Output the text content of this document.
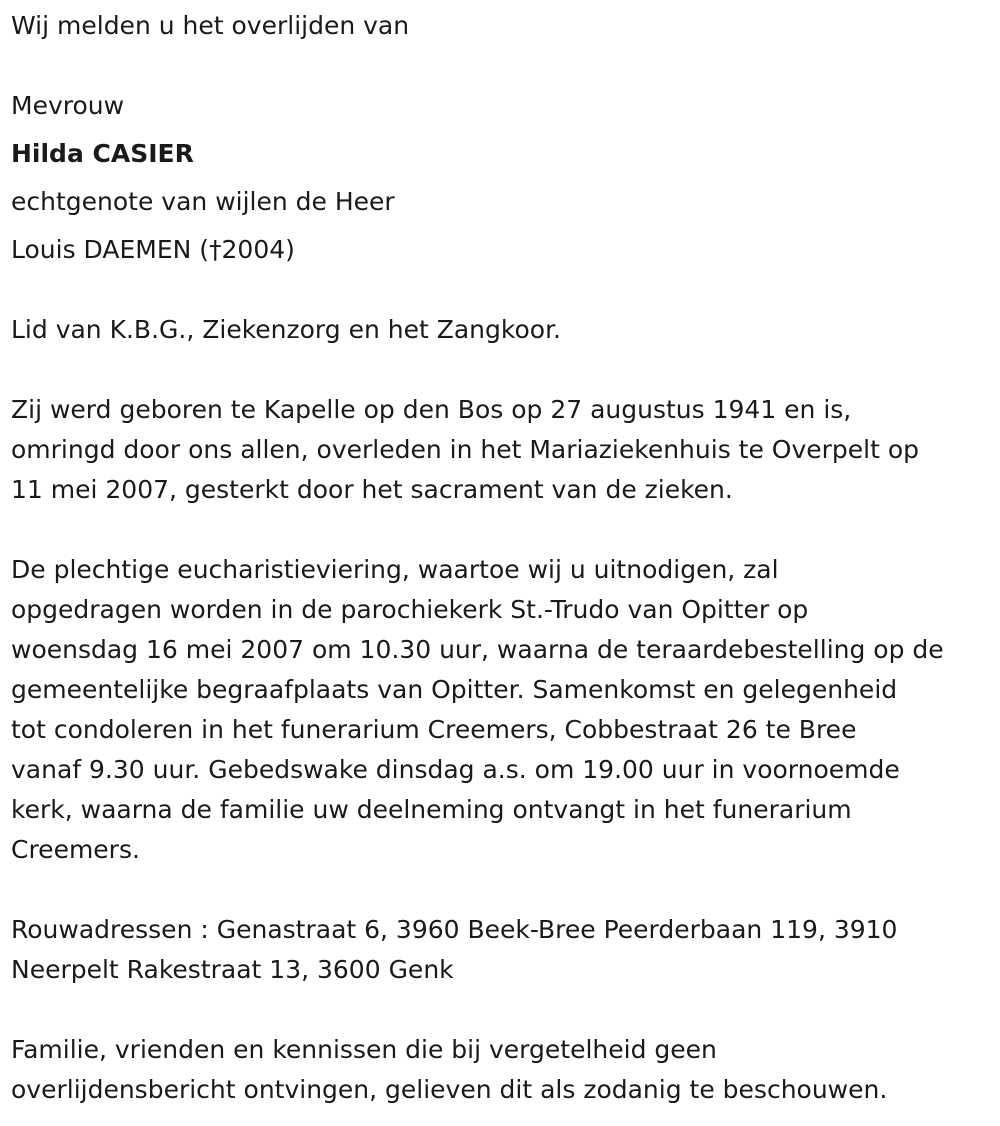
Wij melden u het overlijden van
Mevrouw
Hilda CASIER
echtgenote van wijlen de Heer
Louis DAEMEN (†2004)
Lid van K.B.G., Ziekenzorg en het Zangkoor.
Zij werd geboren te Kapelle op den Bos op 27 augustus 1941 en is,
omringd door ons allen, overleden in het Mariaziekenhuis te Overpelt op
11 mei 2007, gesterkt door het sacrament van de zieken.
De plechtige eucharistieviering, waartoe wij u uitnodigen, zal
opgedragen worden in de parochiekerk St.-Trudo van Opitter op
woensdag 16 mei 2007 om 10.30 uur, waarna de teraardebestelling op de
gemeentelijke begraafplaats van Opitter. Samenkomst en gelegenheid
tot condoleren in het funerarium Creemers, Cobbestraat 26 te Bree
vanaf 9.30 uur. Gebedswake dinsdag a.s. om 19.00 uur in voornoemde
kerk, waarna de familie uw deelneming ontvangt in het funerarium
Creemers.
Rouwadressen : Genastraat 6, 3960 Beek-Bree Peerderbaan 119, 3910
Neerpelt Rakestraat 13, 3600 Genk
Familie, vrienden en kennissen die bij vergetelheid geen
overlijdensbericht ontvingen, gelieven dit als zodanig te beschouwen.
